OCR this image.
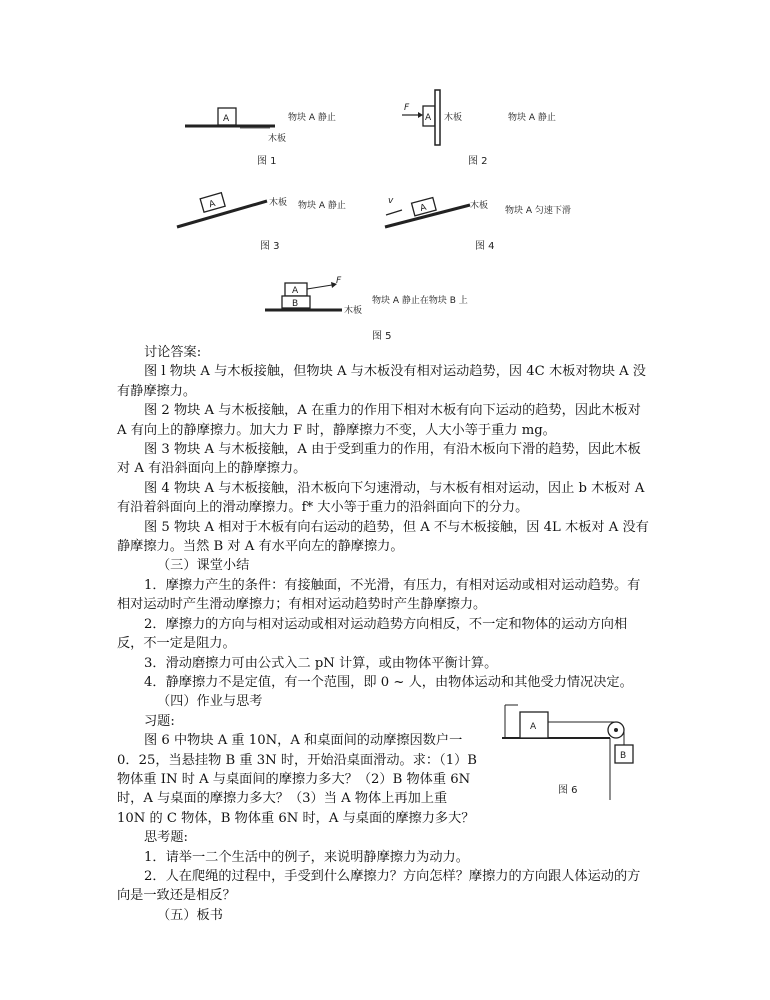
A
木板
物块 A 静止
图 1
F
A 木板	物块 A 静止
图 2
A	木板 物块 A 静止
图 3
v
A	木板 物块 A 匀速下滑
图 4
A
F
B
木板
物块 A 静止在物块 B 上
图 5

讨论答案:

图 l 物块 A 与木板接触，但物块 A 与木板没有相对运动趋势，因 4C 木板对物块 A 没有静摩擦力。

图 2 物块 A 与木板接触，A 在重力的作用下相对木板有向下运动的趋势，因此木板对 A 有向上的静摩擦力。加大力 F 时，静摩擦力不变，人大小等于重力 mg。

图 3 物块 A 与木板接触，A 由于受到重力的作用，有沿木板向下滑的趋势，因此木板对 A 有沿斜面向上的静摩擦力。

图 4 物块 A 与木板接触，沿木板向下匀速滑动，与木板有相对运动，因止 b 木板对 A 有沿着斜面向上的滑动摩擦力。f* 大小等于重力的沿斜面向下的分力。

图 5 物块 A 相对于木板有向右运动的趋势，但 A 不与木板接触，因 4L 木板对 A 没有静摩擦力。当然 B 对 A 有水平向左的静摩擦力。

（三）课堂小结

1．摩擦力产生的条件：有接触面，不光滑，有压力，有相对运动或相对运动趋势。有相对运动时产生滑动摩擦力；有相对运动趋势时产生静摩擦力。

2．摩擦力的方向与相对运动或相对运动趋势方向相反，不一定和物体的运动方向相反，不一定是阻力。

3．滑动磨擦力可由公式入二 pN 计算，或由物体平衡计算。

4．静摩擦力不是定值，有一个范围，即 0 ~ 人，由物体运动和其他受力情况决定。

（四）作业与思考

习题:

图 6 中物块 A 重 10N，A 和桌面间的动摩擦因数户一 0．25，当悬挂物 B 重 3N 时，开始沿桌面滑动。求：（1）B 物体重 IN 时 A 与桌面间的摩擦力多大？（2）B 物体重 6N 时，A 与桌面的摩擦力多大？（3）当 A 物体上再加上重 10N 的 C 物体，B 物体重 6N 时，A 与桌面的摩擦力多大？

思考题:

1．请举一二个生活中的例子，来说明静摩擦力为动力。

2．人在爬绳的过程中，手受到什么摩擦力？方向怎样？摩擦力的方向跟人体运动的方向是一致还是相反？

（五）板书

A
B
图 6
